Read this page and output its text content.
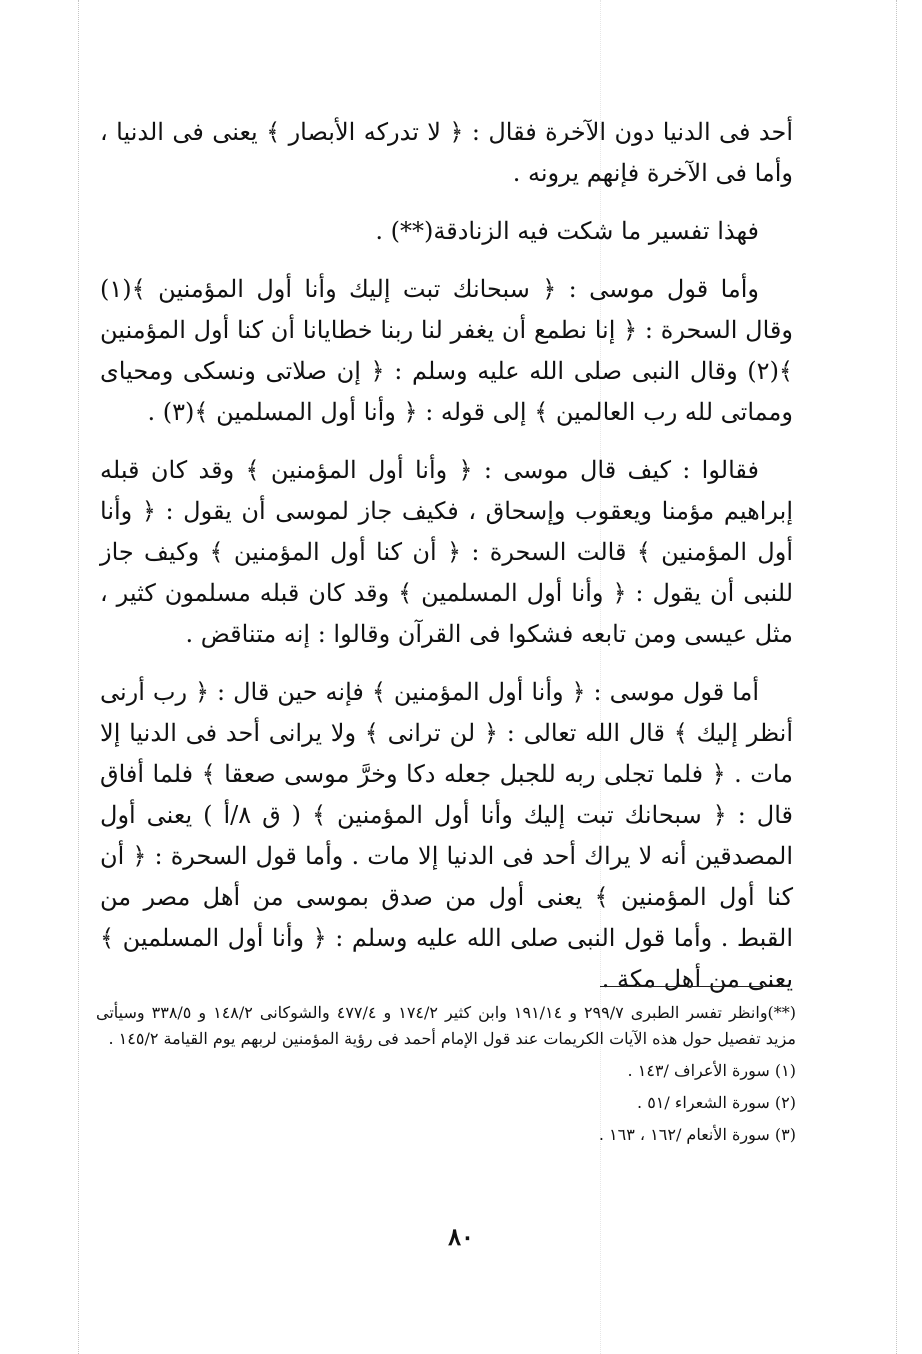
أحد فى الدنيا دون الآخرة فقال : ﴿ لا تدركه الأبصار ﴾ يعنى فى الدنيا ، وأما فى الآخرة فإنهم يرونه .

فهذا تفسير ما شكت فيه الزنادقة(**) .

وأما قول موسى : ﴿ سبحانك تبت إليك وأنا أول المؤمنين ﴾(١) وقال السحرة : ﴿ إنا نطمع أن يغفر لنا ربنا خطايانا أن كنا أول المؤمنين ﴾(٢) وقال النبى صلى الله عليه وسلم : ﴿ إن صلاتى ونسكى ومحياى ومماتى لله رب العالمين ﴾ إلى قوله : ﴿ وأنا أول المسلمين ﴾(٣) .

فقالوا : كيف قال موسى : ﴿ وأنا أول المؤمنين ﴾ وقد كان قبله إبراهيم مؤمنا ويعقوب وإسحاق ، فكيف جاز لموسى أن يقول : ﴿ وأنا أول المؤمنين ﴾ قالت السحرة : ﴿ أن كنا أول المؤمنين ﴾ وكيف جاز للنبى أن يقول : ﴿ وأنا أول المسلمين ﴾ وقد كان قبله مسلمون كثير ، مثل عيسى ومن تابعه فشكوا فى القرآن وقالوا : إنه متناقض .

أما قول موسى : ﴿ وأنا أول المؤمنين ﴾ فإنه حين قال : ﴿ رب أرنى أنظر إليك ﴾ قال الله تعالى : ﴿ لن ترانى ﴾ ولا يرانى أحد فى الدنيا إلا مات . ﴿ فلما تجلى ربه للجبل جعله دكا وخرَّ موسى صعقا ﴾ فلما أفاق قال : ﴿ سبحانك تبت إليك وأنا أول المؤمنين ﴾ ( ق ٨/أ ) يعنى أول المصدقين أنه لا يراك أحد فى الدنيا إلا مات . وأما قول السحرة : ﴿ أن كنا أول المؤمنين ﴾ يعنى أول من صدق بموسى من أهل مصر من القبط . وأما قول النبى صلى الله عليه وسلم : ﴿ وأنا أول المسلمين ﴾ يعنى من أهل مكة .

(**)وانظر تفسر الطبرى ٢٩٩/٧ و ١٩١/١٤ وابن كثير ١٧٤/٢ و ٤٧٧/٤ والشوكانى ١٤٨/٢ و ٣٣٨/٥ وسيأتى مزيد تفصيل حول هذه الآيات الكريمات عند قول الإمام أحمد فى رؤية المؤمنين لربهم يوم القيامة ١٤٥/٢ .

(١) سورة الأعراف /١٤٣ .

(٢) سورة الشعراء /٥١ .

(٣) سورة الأنعام /١٦٢ ، ١٦٣ .

٨٠
